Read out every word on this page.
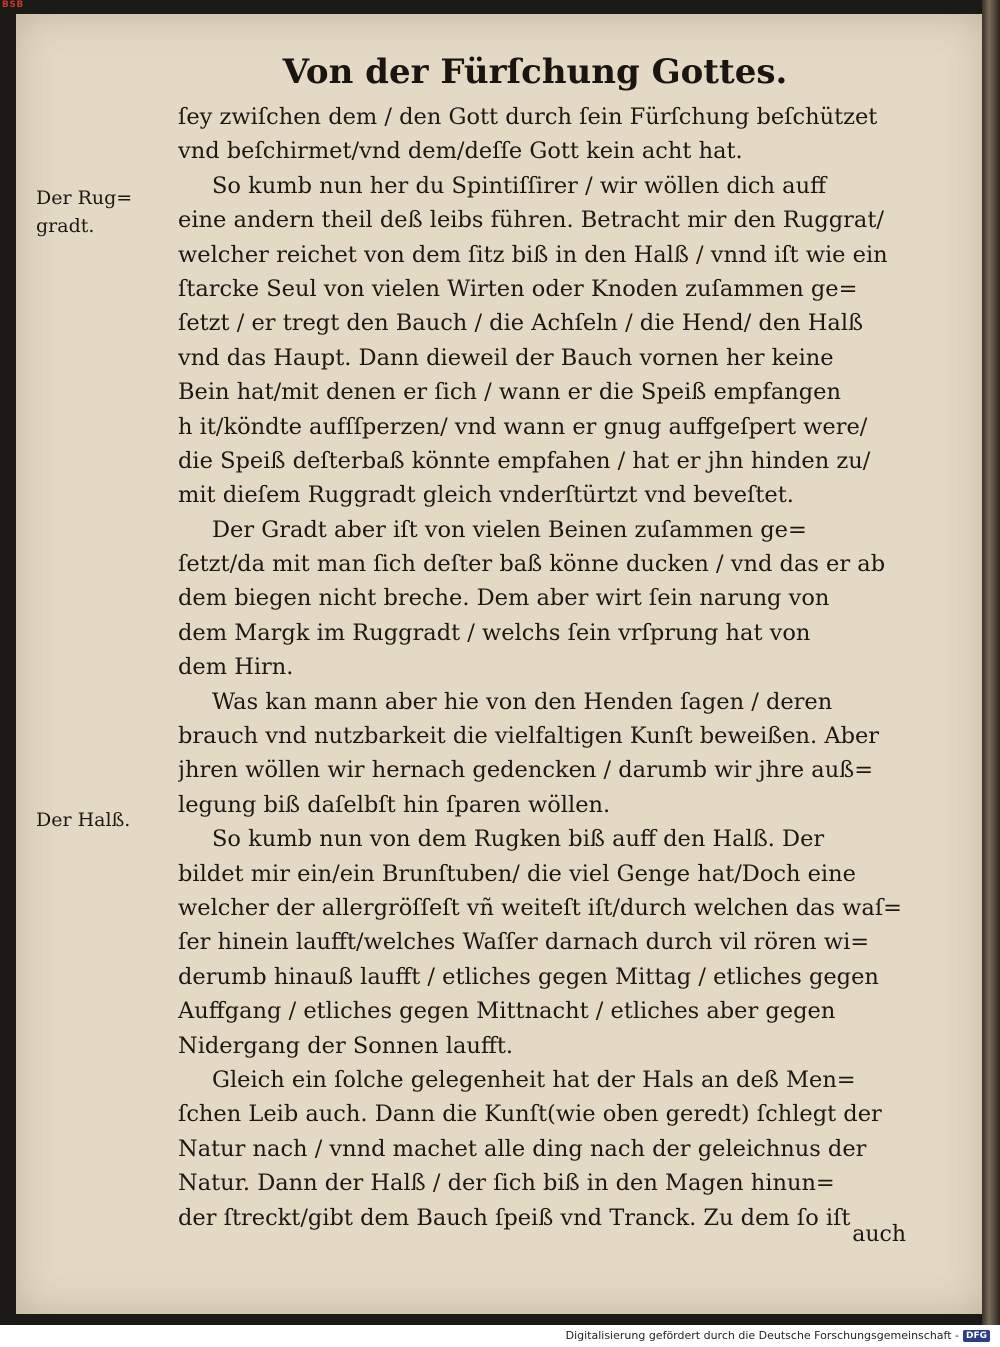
BSB
Von der Fürſchung Gottes.
Der Rug=
gradt.
Der Halß.
ſey zwiſchen dem / den Gott durch ſein Fürſchung beſchützet
vnd beſchirmet/vnd dem/deſſe Gott kein acht hat.
So kumb nun her du Spintiſſirer / wir wöllen dich auff
eine andern theil deß leibs führen. Betracht mir den Ruggrat/
welcher reichet von dem ſitz biß in den Halß / vnnd iſt wie ein
ſtarcke Seul von vielen Wirten oder Knoden zuſammen ge=
ſetzt / er tregt den Bauch / die Achſeln / die Hend/ den Halß
vnd das Haupt. Dann dieweil der Bauch vornen her keine
Bein hat/mit denen er ſich / wann er die Speiß empfangen
h it/köndte aufſſperzen/ vnd wann er gnug auffgeſpert were/
die Speiß deſterbaß könnte empfahen / hat er jhn hinden zu/
mit dieſem Ruggradt gleich vnderſtürtzt vnd beveſtet.
Der Gradt aber iſt von vielen Beinen zuſammen ge=
ſetzt/da mit man ſich deſter baß könne ducken / vnd das er ab
dem biegen nicht breche. Dem aber wirt ſein narung von
dem Margk im Ruggradt / welchs ſein vrſprung hat von
dem Hirn.
Was kan mann aber hie von den Henden ſagen / deren
brauch vnd nutzbarkeit die vielfaltigen Kunſt beweißen. Aber
jhren wöllen wir hernach gedencken / darumb wir jhre auß=
legung biß daſelbſt hin ſparen wöllen.
So kumb nun von dem Rugken biß auff den Halß. Der
bildet mir ein/ein Brunſtuben/ die viel Genge hat/Doch eine
welcher der allergröſſeſt vñ weiteſt iſt/durch welchen das waſ=
ſer hinein laufft/welches Waſſer darnach durch vil rören wi=
derumb hinauß laufft / etliches gegen Mittag / etliches gegen
Auffgang / etliches gegen Mittnacht / etliches aber gegen
Nidergang der Sonnen laufft.
Gleich ein ſolche gelegenheit hat der Hals an deß Men=
ſchen Leib auch. Dann die Kunſt(wie oben geredt) ſchlegt der
Natur nach / vnnd machet alle ding nach der geleichnus der
Natur. Dann der Halß / der ſich biß in den Magen hinun=
der ſtreckt/gibt dem Bauch ſpeiß vnd Tranck. Zu dem ſo iſt
auch
Digitalisierung gefördert durch die Deutsche Forschungsgemeinschaft - DFG
